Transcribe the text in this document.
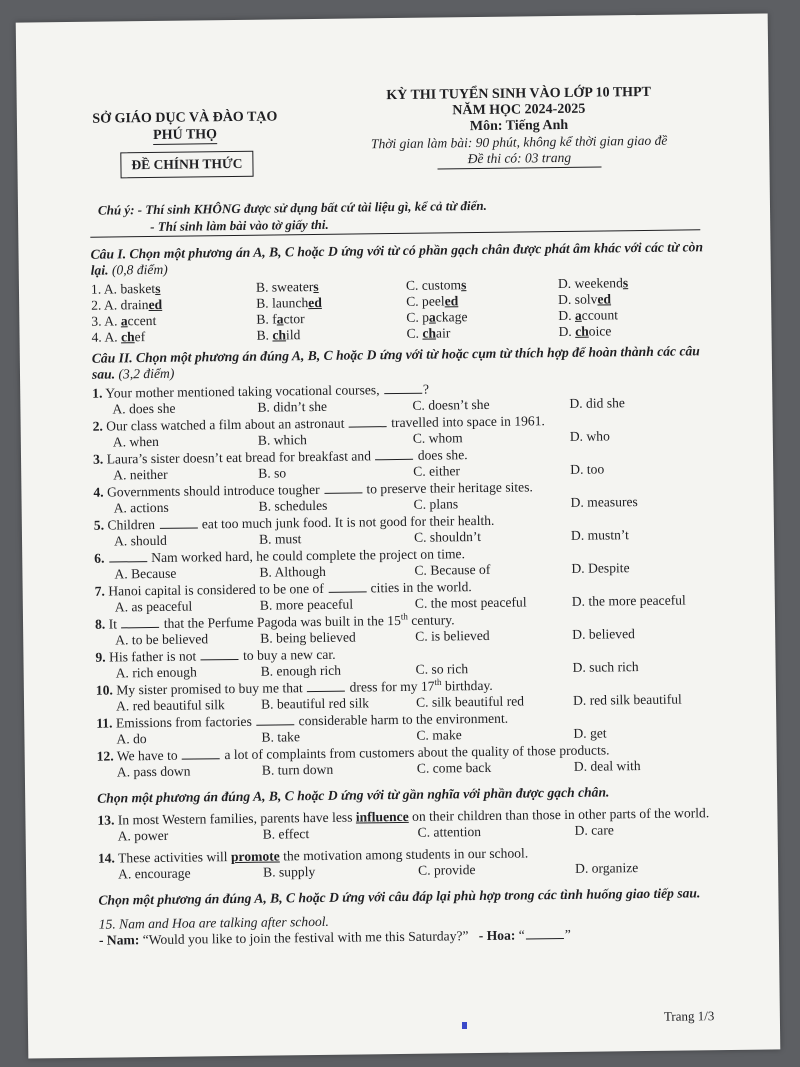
SỞ GIÁO DỤC VÀ ĐÀO TẠO
PHÚ THỌ
ĐỀ CHÍNH THỨC
KỲ THI TUYỂN SINH VÀO LỚP 10 THPT
NĂM HỌC 2024-2025
Môn: Tiếng Anh
Thời gian làm bài: 90 phút, không kể thời gian giao đề
Đề thi có: 03 trang
Chú ý: - Thí sinh KHÔNG được sử dụng bất cứ tài liệu gì, kể cả từ điển.
- Thí sinh làm bài vào tờ giấy thi.
Câu I. Chọn một phương án A, B, C hoặc D ứng với từ có phần gạch chân được phát âm khác với các từ còn lại. (0,8 điểm)
1. A. baskets	B. sweaters	C. customs	D. weekends
2. A. drained	B. launched	C. peeled	D. solved
3. A. accent	B. factor	C. package	D. account
4. A. chef	B. child	C. chair	D. choice
Câu II. Chọn một phương án đúng A, B, C hoặc D ứng với từ hoặc cụm từ thích hợp để hoàn thành các câu sau. (3,2 điểm)
1. Your mother mentioned taking vocational courses,	?
A. does she	B. didn’t she	C. doesn’t she	D. did she
2. Our class watched a film about an astronaut	travelled into space in 1961.
A. when	B. which	C. whom	D. who
3. Laura’s sister doesn’t eat bread for breakfast and	does she.
A. neither	B. so	C. either	D. too
4. Governments should introduce tougher	to preserve their heritage sites.
A. actions	B. schedules	C. plans	D. measures
5. Children	eat too much junk food. It is not good for their health.
A. should	B. must	C. shouldn’t	D. mustn’t
6.	Nam worked hard, he could complete the project on time.
A. Because	B. Although	C. Because of	D. Despite
7. Hanoi capital is considered to be one of	cities in the world.
A. as peaceful	B. more peaceful	C. the most peaceful	D. the more peaceful
8. It	that the Perfume Pagoda was built in the 15th century.
A. to be believed	B. being believed	C. is believed	D. believed
9. His father is not	to buy a new car.
A. rich enough	B. enough rich	C. so rich	D. such rich
10. My sister promised to buy me that	dress for my 17th birthday.
A. red beautiful silk	B. beautiful red silk	C. silk beautiful red	D. red silk beautiful
11. Emissions from factories	considerable harm to the environment.
A. do	B. take	C. make	D. get
12. We have to	a lot of complaints from customers about the quality of those products.
A. pass down	B. turn down	C. come back	D. deal with
Chọn một phương án đúng A, B, C hoặc D ứng với từ gần nghĩa với phần được gạch chân.
13. In most Western families, parents have less influence on their children than those in other parts of the world.
A. power	B. effect	C. attention	D. care
14. These activities will promote the motivation among students in our school.
A. encourage	B. supply	C. provide	D. organize
Chọn một phương án đúng A, B, C hoặc D ứng với câu đáp lại phù hợp trong các tình huống giao tiếp sau.
15. Nam and Hoa are talking after school.
- Nam: “Would you like to join the festival with me this Saturday?” - Hoa: “	”
Trang 1/3
